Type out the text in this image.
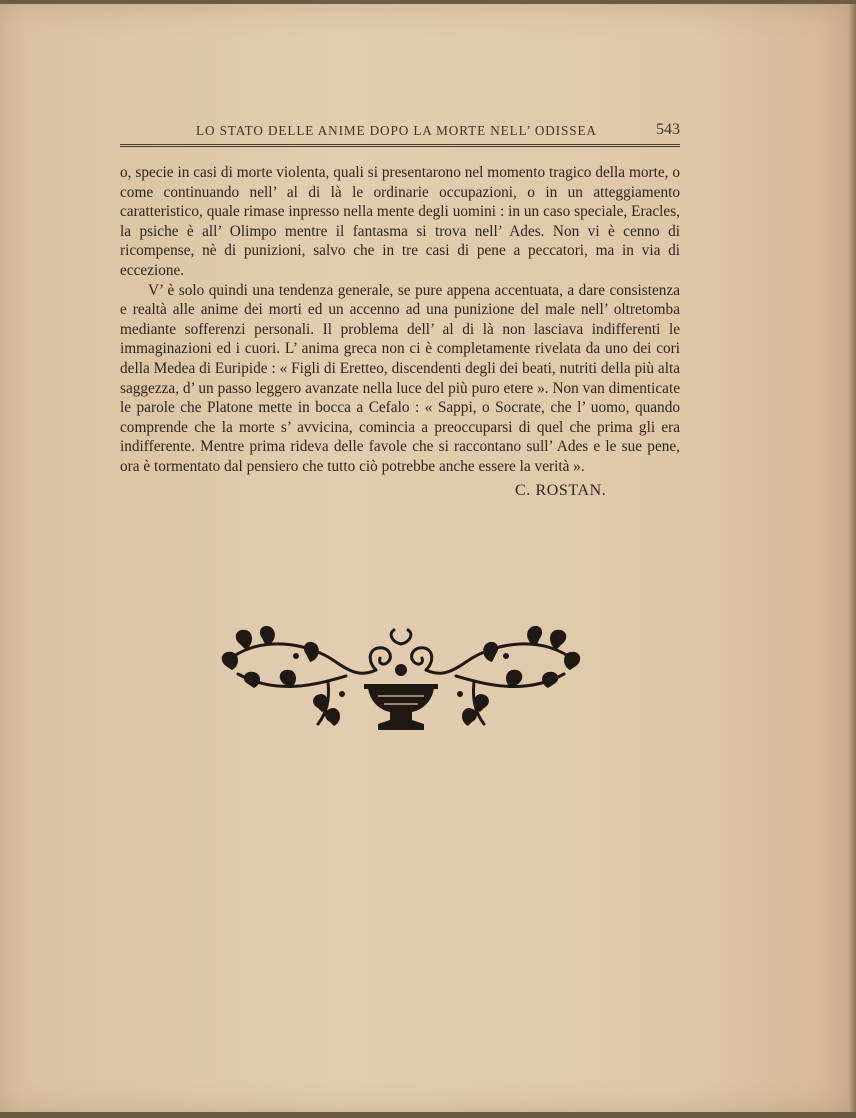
LO STATO DELLE ANIME DOPO LA MORTE NELL’ ODISSEA	543

o, specie in casi di morte violenta, quali si presentarono nel momento tragico della morte, o come continuando nell’ al di là le ordinarie occupazioni, o in un atteggiamento caratteristico, quale rimase inpresso nella mente degli uomini : in un caso speciale, Eracles, la psiche è all’ Olimpo mentre il fantasma si trova nell’ Ades. Non vi è cenno di ricompense, nè di punizioni, salvo che in tre casi di pene a peccatori, ma in via di eccezione.

V’ è solo quindi una tendenza generale, se pure appena accentuata, a dare consistenza e realtà alle anime dei morti ed un accenno ad una punizione del male nell’ oltretomba mediante sofferenzi personali. Il problema dell’ al di là non lasciava indifferenti le immaginazioni ed i cuori. L’ anima greca non ci è completamente rivelata da uno dei cori della Medea di Euripide : « Figli di Eretteo, discendenti degli dei beati, nutriti della più alta saggezza, d’ un passo leggero avanzate nella luce del più puro etere ». Non van dimenticate le parole che Platone mette in bocca a Cefalo : « Sappi, o Socrate, che l’ uomo, quando comprende che la morte s’ avvicina, comincia a preoccuparsi di quel che prima gli era indifferente. Mentre prima rideva delle favole che si raccontano sull’ Ades e le sue pene, ora è tormentato dal pensiero che tutto ciò potrebbe anche essere la verità ».

C. ROSTAN.
